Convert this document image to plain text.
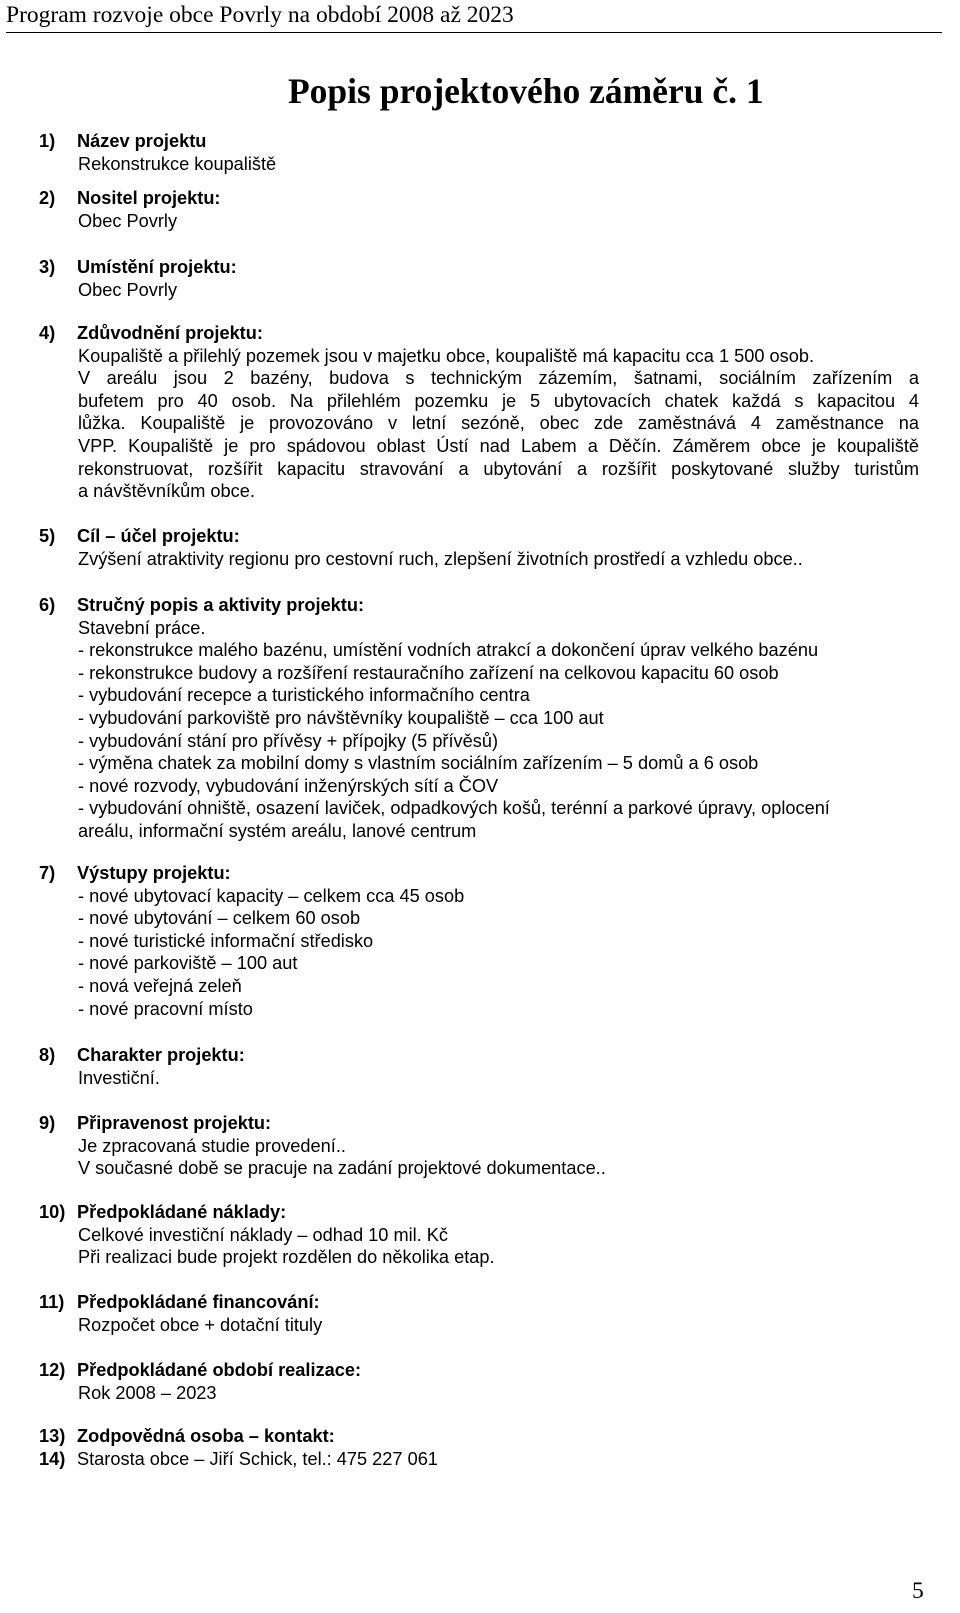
Program rozvoje obce Povrly na období 2008 až 2023
Popis projektového záměru č. 1
1) Název projektu
Rekonstrukce koupaliště
2) Nositel projektu:
Obec Povrly
3) Umístění projektu:
Obec Povrly
4) Zdůvodnění projektu:
Koupaliště a přilehlý pozemek jsou v majetku obce, koupaliště má kapacitu cca 1 500 osob.
V areálu jsou 2 bazény, budova s technickým zázemím, šatnami, sociálním zařízením a
bufetem pro 40 osob. Na přilehlém pozemku je 5 ubytovacích chatek každá s kapacitou 4
lůžka. Koupaliště je provozováno v letní sezóně, obec zde zaměstnává 4 zaměstnance na
VPP. Koupaliště je pro spádovou oblast Ústí nad Labem a Děčín. Záměrem obce je koupaliště
rekonstruovat, rozšířit kapacitu stravování a ubytování a rozšířit poskytované služby turistům
a návštěvníkům obce.
5) Cíl – účel projektu:
Zvýšení atraktivity regionu pro cestovní ruch, zlepšení životních prostředí a vzhledu obce..
6) Stručný popis a aktivity projektu:
Stavební práce.
- rekonstrukce malého bazénu, umístění vodních atrakcí a dokončení úprav velkého bazénu
- rekonstrukce budovy a rozšíření restauračního zařízení na celkovou kapacitu 60 osob
- vybudování recepce a turistického informačního centra
- vybudování parkoviště pro návštěvníky koupaliště – cca 100 aut
- vybudování stání pro přívěsy + přípojky (5 přívěsů)
- výměna chatek za mobilní domy s vlastním sociálním zařízením – 5 domů a 6 osob
- nové rozvody, vybudování inženýrských sítí a ČOV
- vybudování ohniště, osazení laviček, odpadkových košů, terénní a parkové úpravy, oplocení
areálu, informační systém areálu, lanové centrum
7) Výstupy projektu:
- nové ubytovací kapacity – celkem cca 45 osob
- nové ubytování – celkem 60 osob
- nové turistické informační středisko
- nové parkoviště – 100 aut
- nová veřejná zeleň
- nové pracovní místo
8) Charakter projektu:
Investiční.
9) Připravenost projektu:
Je zpracovaná studie provedení..
V současné době se pracuje na zadání projektové dokumentace..
10) Předpokládané náklady:
Celkové investiční náklady – odhad 10 mil. Kč
Při realizaci bude projekt rozdělen do několika etap.
11) Předpokládané financování:
Rozpočet obce + dotační tituly
12) Předpokládané období realizace:
Rok 2008 – 2023
13) Zodpovědná osoba – kontakt:
14) Starosta obce – Jiří Schick, tel.: 475 227 061
5
